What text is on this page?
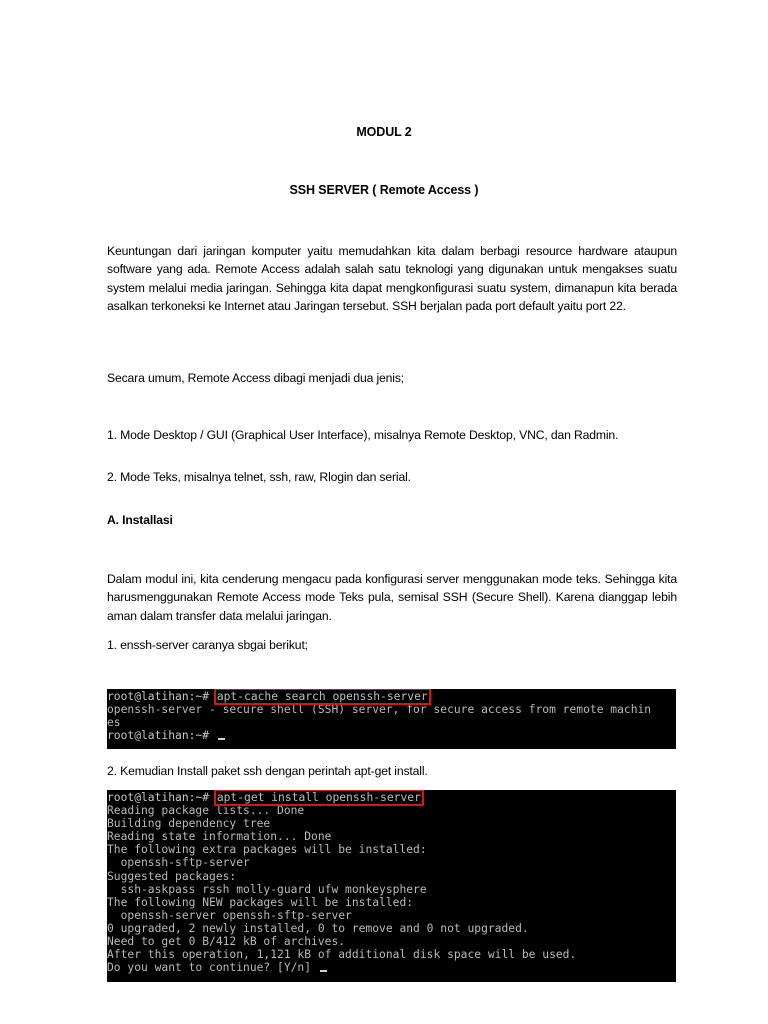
MODUL 2
SSH SERVER ( Remote Access )
Keuntungan dari jaringan komputer yaitu memudahkan kita dalam berbagi resource hardware ataupun software yang ada. Remote Access adalah salah satu teknologi yang digunakan untuk mengakses suatu system melalui media jaringan. Sehingga kita dapat mengkonfigurasi suatu system, dimanapun kita berada asalkan terkoneksi ke Internet atau Jaringan tersebut. SSH berjalan pada port default yaitu port 22.
Secara umum, Remote Access dibagi menjadi dua jenis;
1. Mode Desktop / GUI (Graphical User Interface), misalnya Remote Desktop, VNC, dan Radmin.
2. Mode Teks, misalnya telnet, ssh, raw, Rlogin dan serial.
A. Installasi
Dalam modul ini, kita cenderung mengacu pada konfigurasi server menggunakan mode teks. Sehingga kita harusmenggunakan Remote Access mode Teks pula, semisal SSH (Secure Shell). Karena dianggap lebih aman dalam transfer data melalui jaringan.
1. enssh-server caranya sbgai berikut;
root@latihan:~# apt-cache search openssh-server
openssh-server - secure shell (SSH) server, for secure access from remote machin
es
root@latihan:~#
2. Kemudian Install paket ssh dengan perintah apt-get install.
root@latihan:~# apt-get install openssh-server
Reading package lists... Done
Building dependency tree
Reading state information... Done
The following extra packages will be installed:
openssh-sftp-server
Suggested packages:
ssh-askpass rssh molly-guard ufw monkeysphere
The following NEW packages will be installed:
openssh-server openssh-sftp-server
0 upgraded, 2 newly installed, 0 to remove and 0 not upgraded.
Need to get 0 B/412 kB of archives.
After this operation, 1,121 kB of additional disk space will be used.
Do you want to continue? [Y/n]
